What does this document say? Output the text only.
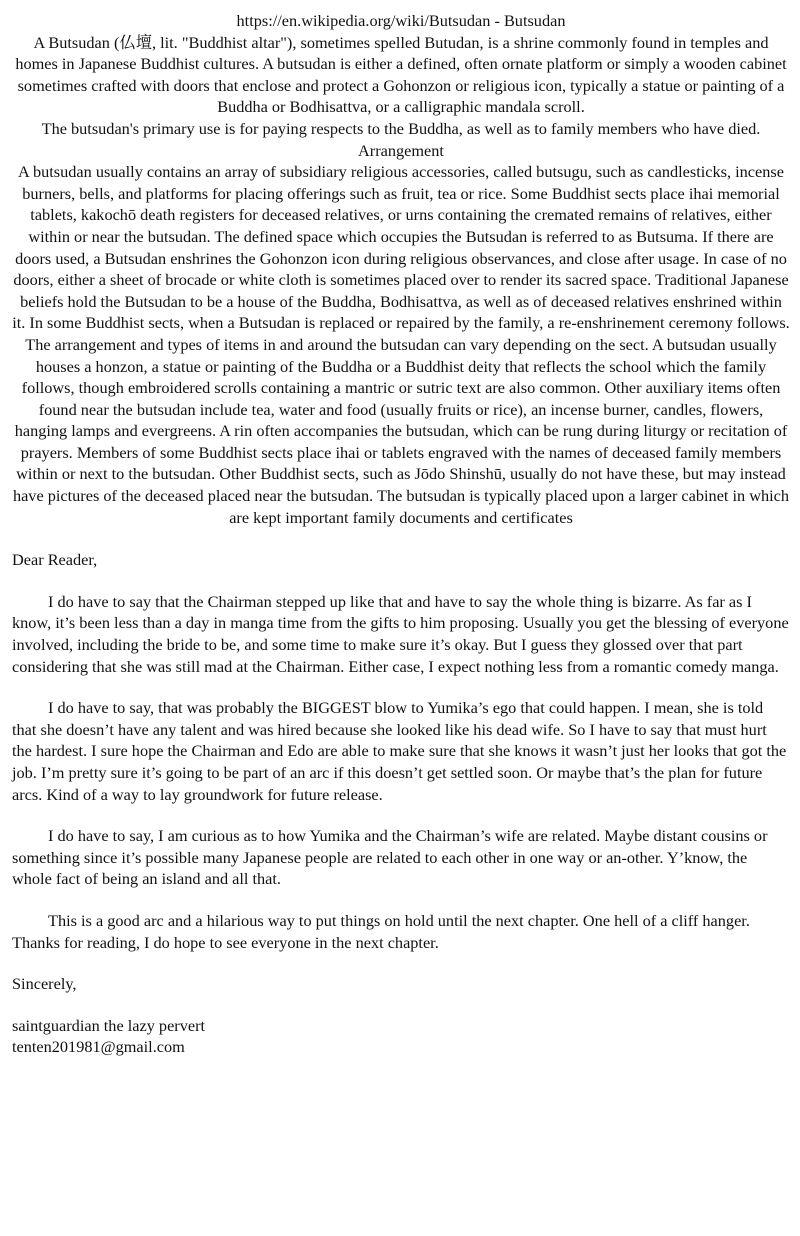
https://en.wikipedia.org/wiki/Butsudan - Butsudan

A Butsudan (仏壇, lit. "Buddhist altar"), sometimes spelled Butudan, is a shrine commonly found in temples and homes in Japanese Buddhist cultures. A butsudan is either a defined, often ornate platform or simply a wooden cabinet sometimes crafted with doors that enclose and protect a Gohonzon or religious icon, typically a statue or painting of a Buddha or Bodhisattva, or a calligraphic mandala scroll.

The butsudan's primary use is for paying respects to the Buddha, as well as to family members who have died.

Arrangement

A butsudan usually contains an array of subsidiary religious accessories, called butsugu, such as candlesticks, incense burners, bells, and platforms for placing offerings such as fruit, tea or rice. Some Buddhist sects place ihai memorial tablets, kakochō death registers for deceased relatives, or urns containing the cremated remains of relatives, either within or near the butsudan. The defined space which occupies the Butsudan is referred to as Butsuma. If there are doors used, a Butsudan enshrines the Gohonzon icon during religious observances, and close after usage. In case of no doors, either a sheet of brocade or white cloth is sometimes placed over to render its sacred space. Traditional Japanese beliefs hold the Butsudan to be a house of the Buddha, Bodhisattva, as well as of deceased relatives enshrined within it. In some Buddhist sects, when a Butsudan is replaced or repaired by the family, a re-enshrinement ceremony follows.

The arrangement and types of items in and around the butsudan can vary depending on the sect. A butsudan usually houses a honzon, a statue or painting of the Buddha or a Buddhist deity that reflects the school which the family follows, though embroidered scrolls containing a mantric or sutric text are also common. Other auxiliary items often found near the butsudan include tea, water and food (usually fruits or rice), an incense burner, candles, flowers, hanging lamps and evergreens. A rin often accompanies the butsudan, which can be rung during liturgy or recitation of prayers. Members of some Buddhist sects place ihai or tablets engraved with the names of deceased family members within or next to the butsudan. Other Buddhist sects, such as Jōdo Shinshū, usually do not have these, but may instead have pictures of the deceased placed near the butsudan. The butsudan is typically placed upon a larger cabinet in which are kept important family documents and certificates

Dear Reader,

I do have to say that the Chairman stepped up like that and have to say the whole thing is bizarre. As far as I know, it’s been less than a day in manga time from the gifts to him proposing. Usually you get the blessing of everyone involved, including the bride to be, and some time to make sure it’s okay. But I guess they glossed over that part considering that she was still mad at the Chairman. Either case, I expect nothing less from a romantic comedy manga.

I do have to say, that was probably the BIGGEST blow to Yumika’s ego that could happen. I mean, she is told that she doesn’t have any talent and was hired because she looked like his dead wife. So I have to say that must hurt the hardest. I sure hope the Chairman and Edo are able to make sure that she knows it wasn’t just her looks that got the job. I’m pretty sure it’s going to be part of an arc if this doesn’t get settled soon. Or maybe that’s the plan for future arcs. Kind of a way to lay groundwork for future release.

I do have to say, I am curious as to how Yumika and the Chairman’s wife are related. Maybe distant cousins or something since it’s possible many Japanese people are related to each other in one way or an-other. Y’know, the whole fact of being an island and all that.

This is a good arc and a hilarious way to put things on hold until the next chapter. One hell of a cliff hanger. Thanks for reading, I do hope to see everyone in the next chapter.

Sincerely,

saintguardian the lazy pervert

tenten201981@gmail.com
